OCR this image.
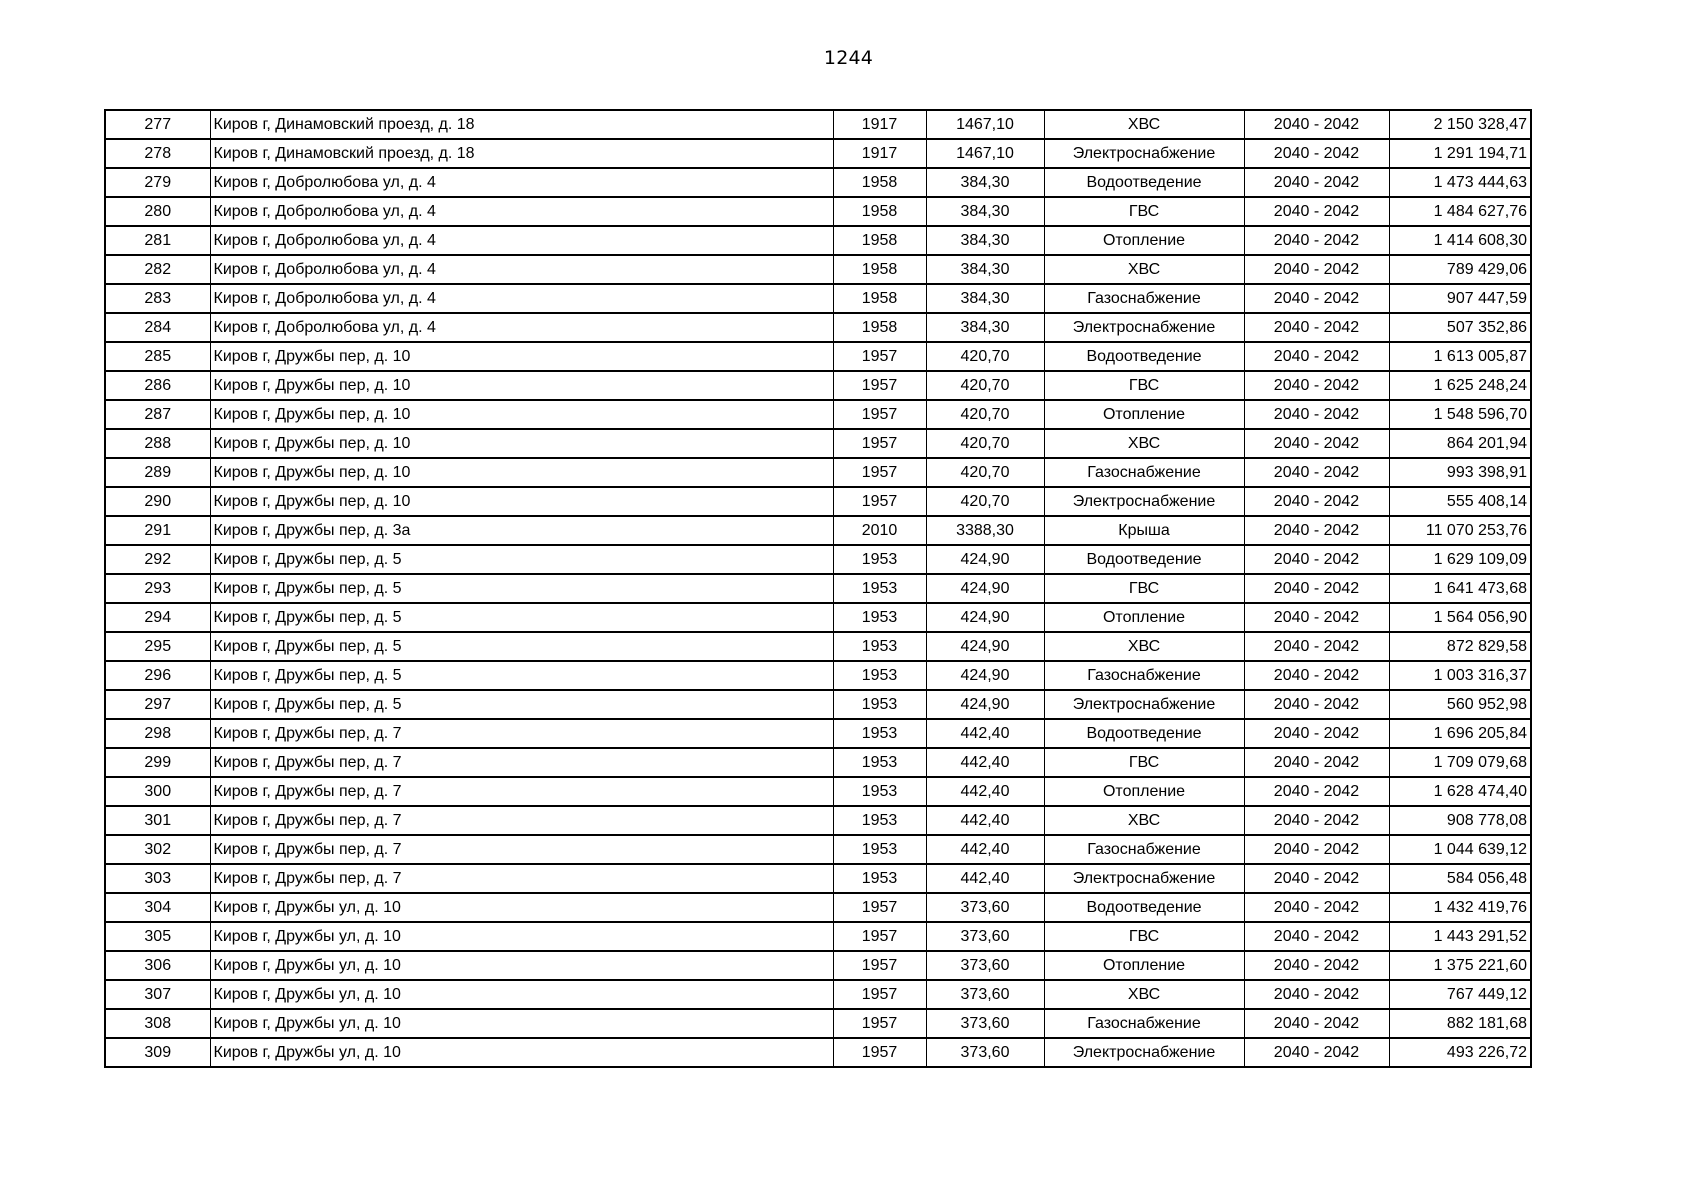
1244
277	Киров г, Динамовский проезд, д. 18	1917	1467,10	ХВС	2040 - 2042	2 150 328,47
278	Киров г, Динамовский проезд, д. 18	1917	1467,10	Электроснабжение	2040 - 2042	1 291 194,71
279	Киров г, Добролюбова ул, д. 4	1958	384,30	Водоотведение	2040 - 2042	1 473 444,63
280	Киров г, Добролюбова ул, д. 4	1958	384,30	ГВС	2040 - 2042	1 484 627,76
281	Киров г, Добролюбова ул, д. 4	1958	384,30	Отопление	2040 - 2042	1 414 608,30
282	Киров г, Добролюбова ул, д. 4	1958	384,30	ХВС	2040 - 2042	789 429,06
283	Киров г, Добролюбова ул, д. 4	1958	384,30	Газоснабжение	2040 - 2042	907 447,59
284	Киров г, Добролюбова ул, д. 4	1958	384,30	Электроснабжение	2040 - 2042	507 352,86
285	Киров г, Дружбы пер, д. 10	1957	420,70	Водоотведение	2040 - 2042	1 613 005,87
286	Киров г, Дружбы пер, д. 10	1957	420,70	ГВС	2040 - 2042	1 625 248,24
287	Киров г, Дружбы пер, д. 10	1957	420,70	Отопление	2040 - 2042	1 548 596,70
288	Киров г, Дружбы пер, д. 10	1957	420,70	ХВС	2040 - 2042	864 201,94
289	Киров г, Дружбы пер, д. 10	1957	420,70	Газоснабжение	2040 - 2042	993 398,91
290	Киров г, Дружбы пер, д. 10	1957	420,70	Электроснабжение	2040 - 2042	555 408,14
291	Киров г, Дружбы пер, д. 3а	2010	3388,30	Крыша	2040 - 2042	11 070 253,76
292	Киров г, Дружбы пер, д. 5	1953	424,90	Водоотведение	2040 - 2042	1 629 109,09
293	Киров г, Дружбы пер, д. 5	1953	424,90	ГВС	2040 - 2042	1 641 473,68
294	Киров г, Дружбы пер, д. 5	1953	424,90	Отопление	2040 - 2042	1 564 056,90
295	Киров г, Дружбы пер, д. 5	1953	424,90	ХВС	2040 - 2042	872 829,58
296	Киров г, Дружбы пер, д. 5	1953	424,90	Газоснабжение	2040 - 2042	1 003 316,37
297	Киров г, Дружбы пер, д. 5	1953	424,90	Электроснабжение	2040 - 2042	560 952,98
298	Киров г, Дружбы пер, д. 7	1953	442,40	Водоотведение	2040 - 2042	1 696 205,84
299	Киров г, Дружбы пер, д. 7	1953	442,40	ГВС	2040 - 2042	1 709 079,68
300	Киров г, Дружбы пер, д. 7	1953	442,40	Отопление	2040 - 2042	1 628 474,40
301	Киров г, Дружбы пер, д. 7	1953	442,40	ХВС	2040 - 2042	908 778,08
302	Киров г, Дружбы пер, д. 7	1953	442,40	Газоснабжение	2040 - 2042	1 044 639,12
303	Киров г, Дружбы пер, д. 7	1953	442,40	Электроснабжение	2040 - 2042	584 056,48
304	Киров г, Дружбы ул, д. 10	1957	373,60	Водоотведение	2040 - 2042	1 432 419,76
305	Киров г, Дружбы ул, д. 10	1957	373,60	ГВС	2040 - 2042	1 443 291,52
306	Киров г, Дружбы ул, д. 10	1957	373,60	Отопление	2040 - 2042	1 375 221,60
307	Киров г, Дружбы ул, д. 10	1957	373,60	ХВС	2040 - 2042	767 449,12
308	Киров г, Дружбы ул, д. 10	1957	373,60	Газоснабжение	2040 - 2042	882 181,68
309	Киров г, Дружбы ул, д. 10	1957	373,60	Электроснабжение	2040 - 2042	493 226,72
